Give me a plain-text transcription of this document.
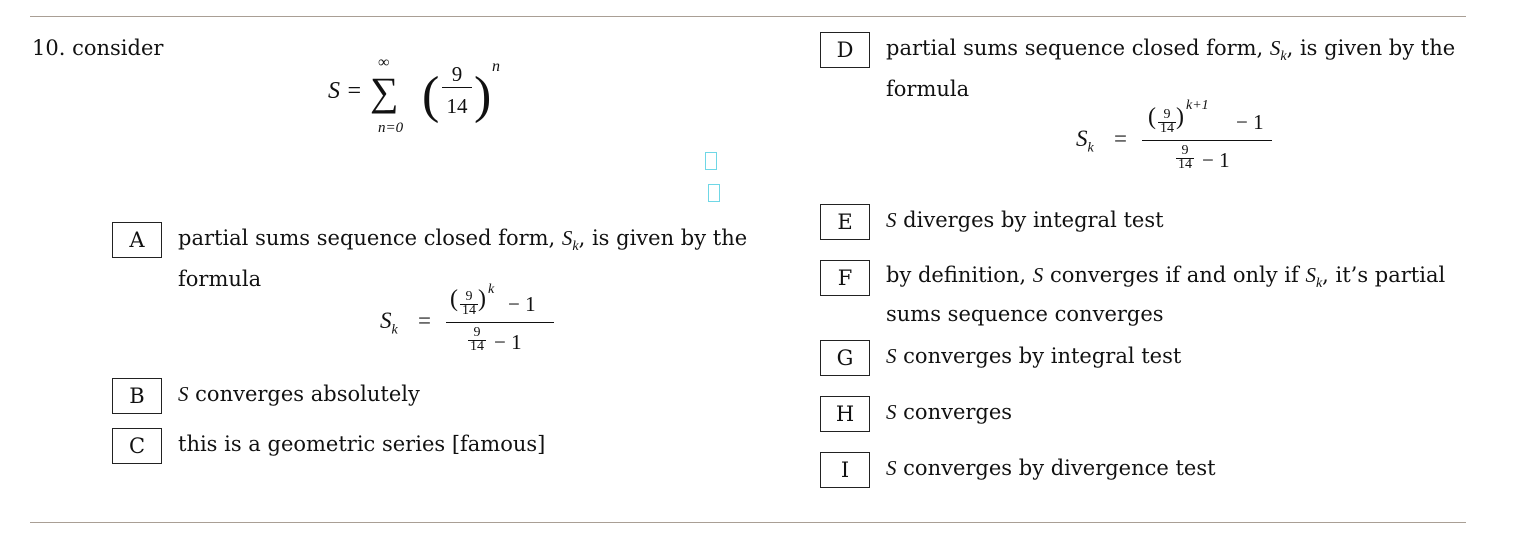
10. consider
S =
∞
∑
n=0
( 9
14 )
n
A	partial sums sequence closed form, $S_k$, is given by the
formula
$S_k$ =
( 9
14 ) k
− 1
9
14 − 1
B	S converges absolutely
C	this is a geometric series [famous]
D	partial sums sequence closed form, $S_k$, is given by the
formula
$S_k$ =
( 9
14 ) k+1
− 1
9
14 − 1
E	S diverges by integral test
F	by definition, S converges if and only if $S_k$, it’s partial
sums sequence converges
G	S converges by integral test
H	S converges
I	S converges by divergence test
